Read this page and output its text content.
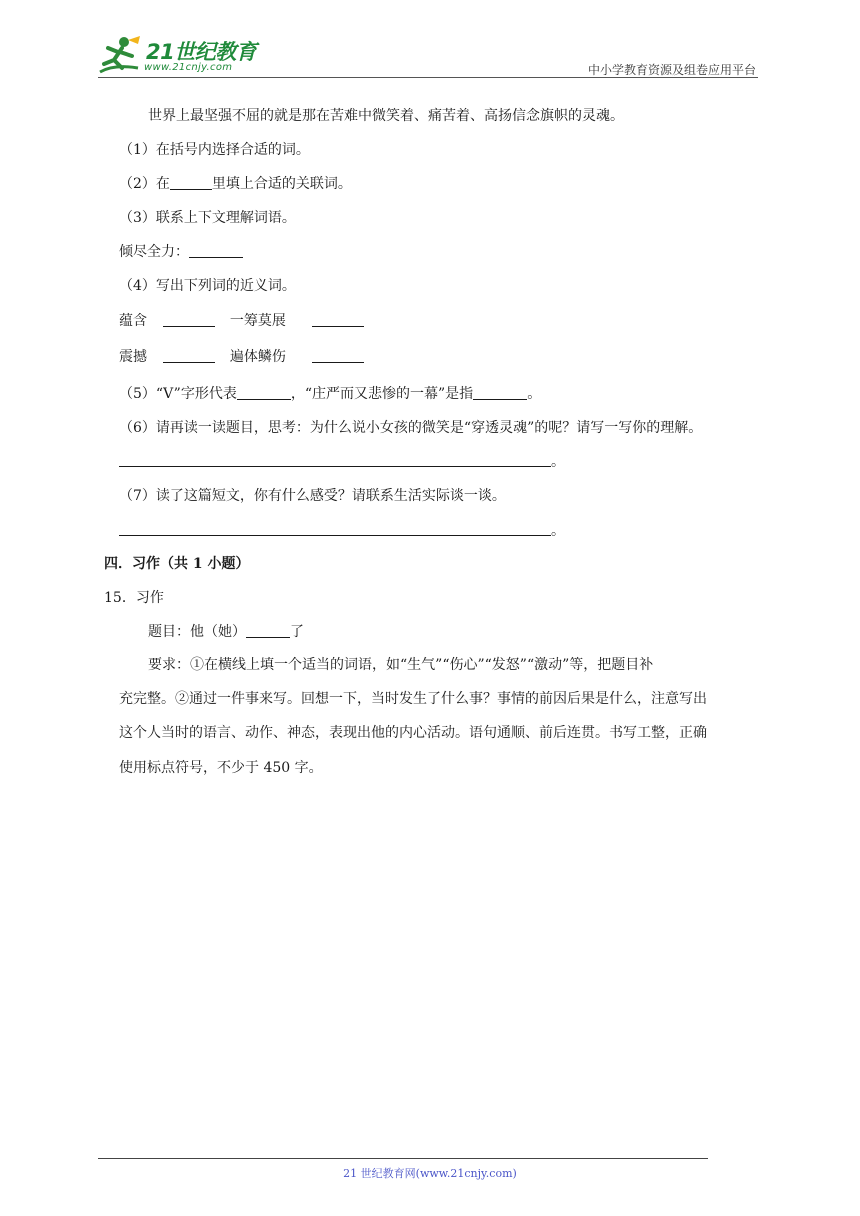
21世纪教育
www.21cnjy.com	中小学教育资源及组卷应用平台
世界上最坚强不屈的就是那在苦难中微笑着、痛苦着、高扬信念旗帜的灵魂。
（1）在括号内选择合适的词。
（2）在	里填上合适的关联词。
（3）联系上下文理解词语。
倾尽全力：
（4）写出下列词的近义词。
蕴含	一筹莫展
震撼	遍体鳞伤
（5）“V”字形代表	，“庄严而又悲惨的一幕”是指	。
（6）请再读一读题目，思考：为什么说小女孩的微笑是“穿透灵魂”的呢？请写一写你的理解。
。
（7）读了这篇短文，你有什么感受？请联系生活实际谈一谈。
。
四．习作（共 1 小题）
15．习作
题目：他（她）	了
要求：①在横线上填一个适当的词语，如“生气”“伤心”“发怒”“激动”等，把题目补
充完整。②通过一件事来写。回想一下，当时发生了什么事？事情的前因后果是什么，注意写出
这个人当时的语言、动作、神态，表现出他的内心活动。语句通顺、前后连贯。书写工整，正确
使用标点符号，不少于 450 字。
21 世纪教育网(www.21cnjy.com)
